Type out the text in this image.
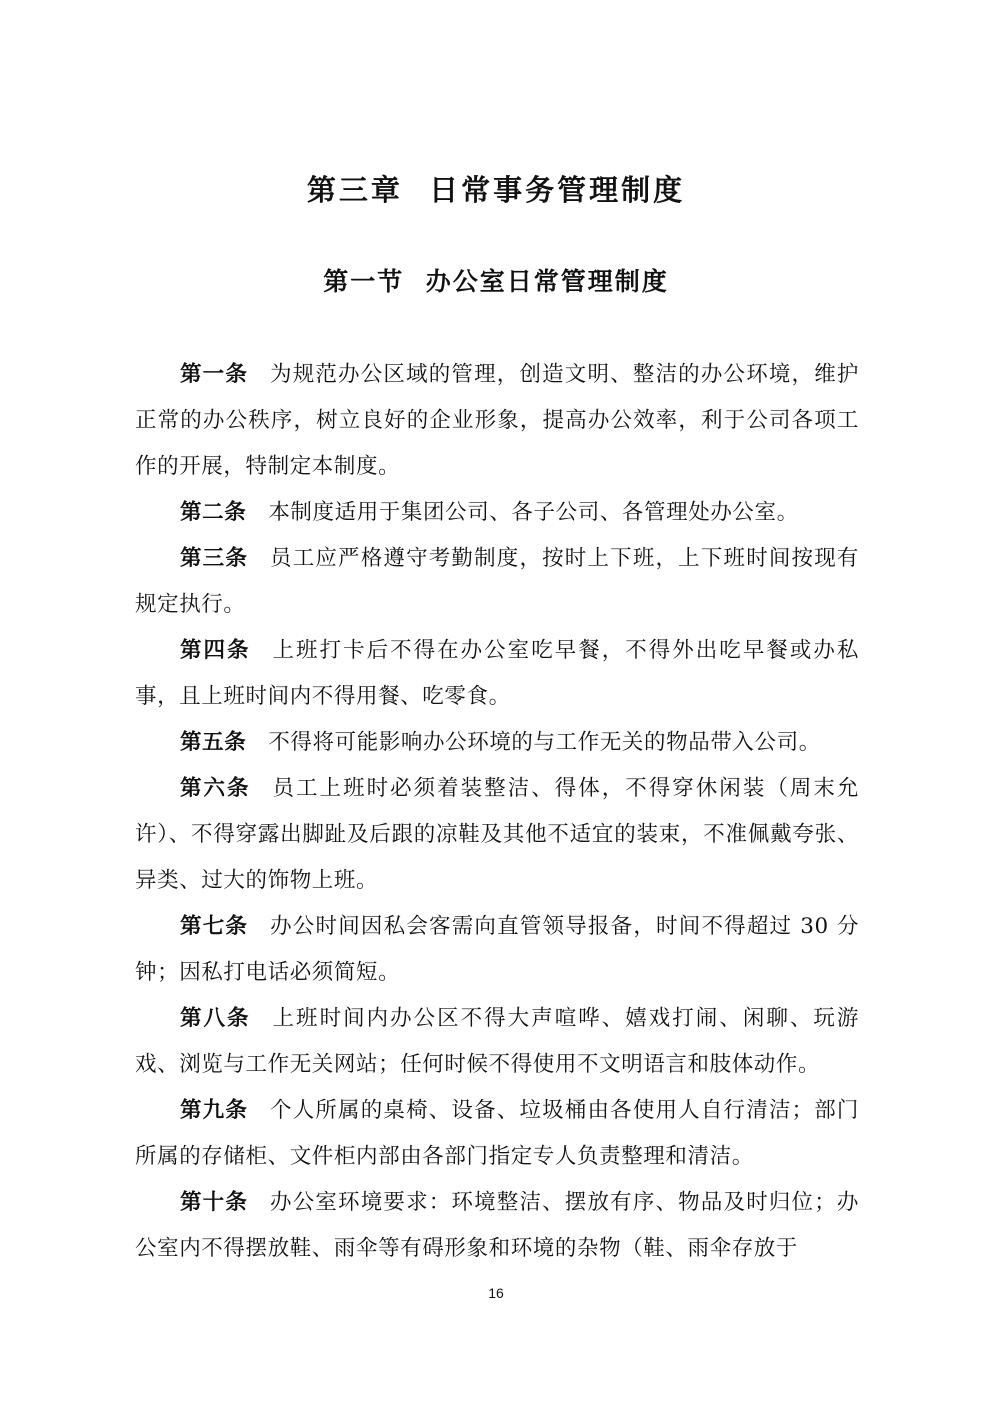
第三章  日常事务管理制度
第一节  办公室日常管理制度
第一条 为规范办公区域的管理，创造文明、整洁的办公环境，维护正常的办公秩序，树立良好的企业形象，提高办公效率，利于公司各项工作的开展，特制定本制度。
第二条 本制度适用于集团公司、各子公司、各管理处办公室。
第三条 员工应严格遵守考勤制度，按时上下班，上下班时间按现有规定执行。
第四条 上班打卡后不得在办公室吃早餐，不得外出吃早餐或办私事，且上班时间内不得用餐、吃零食。
第五条 不得将可能影响办公环境的与工作无关的物品带入公司。
第六条 员工上班时必须着装整洁、得体，不得穿休闲装（周末允许）、不得穿露出脚趾及后跟的凉鞋及其他不适宜的装束，不准佩戴夸张、异类、过大的饰物上班。
第七条 办公时间因私会客需向直管领导报备，时间不得超过 30 分钟；因私打电话必须简短。
第八条 上班时间内办公区不得大声喧哗、嬉戏打闹、闲聊、玩游戏、浏览与工作无关网站；任何时候不得使用不文明语言和肢体动作。
第九条 个人所属的桌椅、设备、垃圾桶由各使用人自行清洁；部门所属的存储柜、文件柜内部由各部门指定专人负责整理和清洁。
第十条 办公室环境要求：环境整洁、摆放有序、物品及时归位；办公室内不得摆放鞋、雨伞等有碍形象和环境的杂物（鞋、雨伞存放于
16
